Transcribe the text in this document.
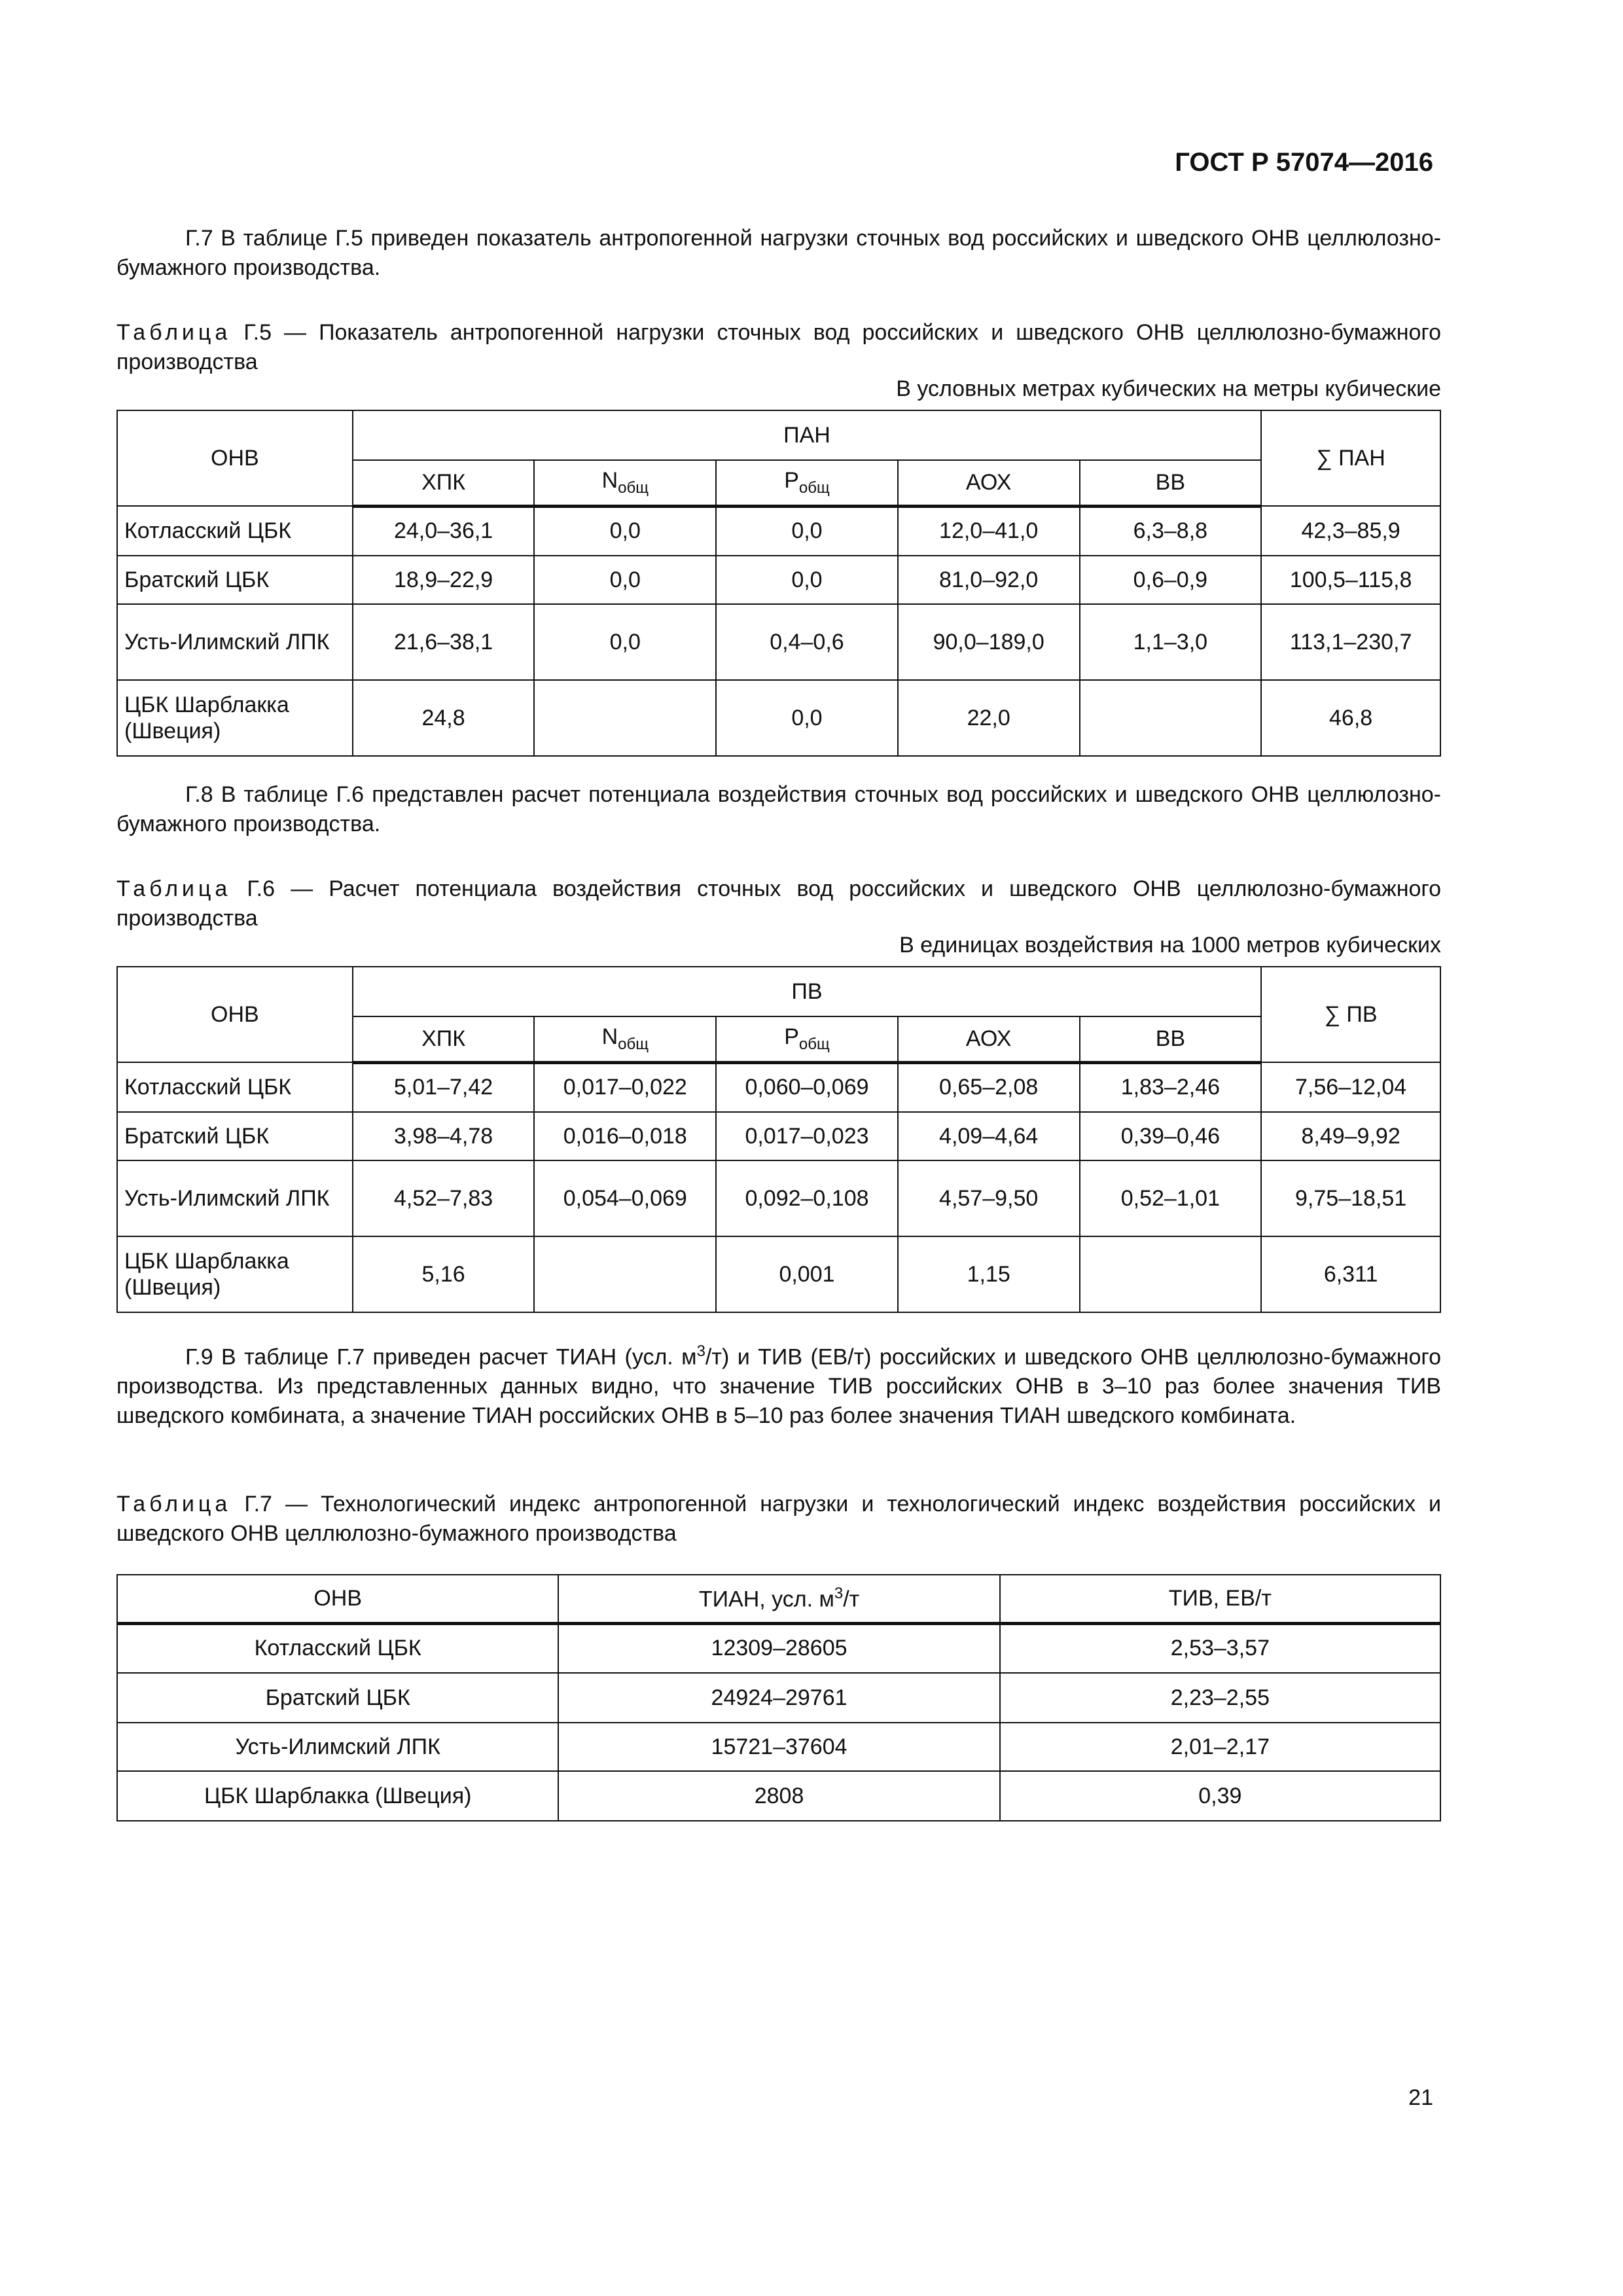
ГОСТ Р 57074—2016
Г.7 В таблице Г.5 приведен показатель антропогенной нагрузки сточных вод российских и шведского ОНВ целлюлозно-бумажного производства.
Таблица Г.5 — Показатель антропогенной нагрузки сточных вод российских и шведского ОНВ целлюлозно-бумажного производства
В условных метрах кубических на метры кубические
ОНВ	ПАН					∑ ПАН
	ХПК	$N_{общ}$	$P_{общ}$	АОХ	ВВ	
Котласский ЦБК	24,0–36,1	0,0	0,0	12,0–41,0	6,3–8,8	42,3–85,9
Братский ЦБК	18,9–22,9	0,0	0,0	81,0–92,0	0,6–0,9	100,5–115,8
Усть-Илимский ЛПК	21,6–38,1	0,0	0,4–0,6	90,0–189,0	1,1–3,0	113,1–230,7
ЦБК Шарблакка (Швеция)	24,8		0,0	22,0		46,8
Г.8 В таблице Г.6 представлен расчет потенциала воздействия сточных вод российских и шведского ОНВ целлюлозно-бумажного производства.
Таблица Г.6 — Расчет потенциала воздействия сточных вод российских и шведского ОНВ целлюлозно-бумажного производства
В единицах воздействия на 1000 метров кубических
ОНВ	ПВ					∑ ПВ
	ХПК	$N_{общ}$	$P_{общ}$	АОХ	ВВ	
Котласский ЦБК	5,01–7,42	0,017–0,022	0,060–0,069	0,65–2,08	1,83–2,46	7,56–12,04
Братский ЦБК	3,98–4,78	0,016–0,018	0,017–0,023	4,09–4,64	0,39–0,46	8,49–9,92
Усть-Илимский ЛПК	4,52–7,83	0,054–0,069	0,092–0,108	4,57–9,50	0,52–1,01	9,75–18,51
ЦБК Шарблакка (Швеция)	5,16		0,001	1,15		6,311
Г.9 В таблице Г.7 приведен расчет ТИАН (усл. $м^3/т$) и ТИВ (ЕВ/т) российских и шведского ОНВ целлюлозно-бумажного производства. Из представленных данных видно, что значение ТИВ российских ОНВ в 3–10 раз более значения ТИВ шведского комбината, а значение ТИАН российских ОНВ в 5–10 раз более значения ТИАН шведского комбината.
Таблица Г.7 — Технологический индекс антропогенной нагрузки и технологический индекс воздействия российских и шведского ОНВ целлюлозно-бумажного производства
ОНВ	ТИАН, усл. $м^3/т$	ТИВ, ЕВ/т
Котласский ЦБК	12309–28605	2,53–3,57
Братский ЦБК	24924–29761	2,23–2,55
Усть-Илимский ЛПК	15721–37604	2,01–2,17
ЦБК Шарблакка (Швеция)	2808	0,39
21
